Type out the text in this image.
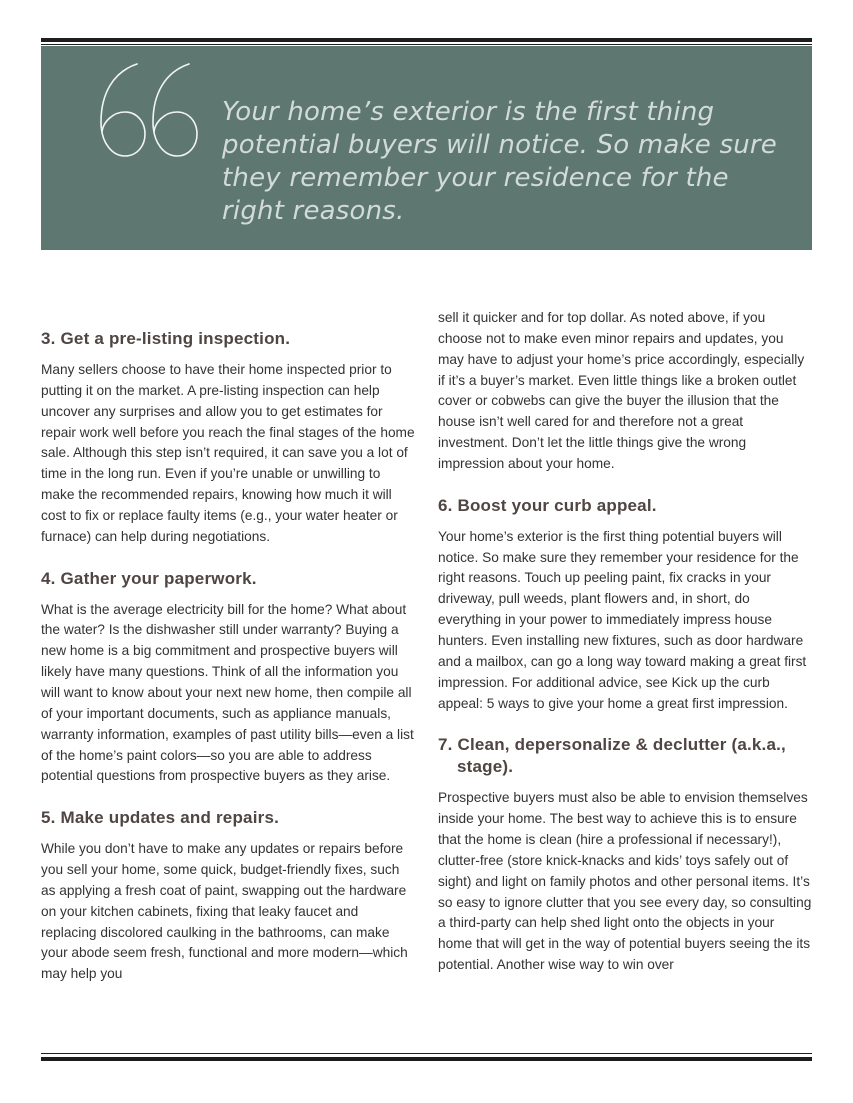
Your home’s exterior is the first thing potential buyers will notice. So make sure they remember your residence for the right reasons.
3. Get a pre-listing inspection.

Many sellers choose to have their home inspected prior to putting it on the market. A pre-listing inspection can help uncover any surprises and allow you to get estimates for repair work well before you reach the final stages of the home sale. Although this step isn’t required, it can save you a lot of time in the long run. Even if you’re unable or unwilling to make the recommended repairs, knowing how much it will cost to fix or replace faulty items (e.g., your water heater or furnace) can help during negotiations.

4. Gather your paperwork.

What is the average electricity bill for the home? What about the water? Is the dishwasher still under warranty? Buying a new home is a big commitment and prospective buyers will likely have many questions. Think of all the information you will want to know about your next new home, then compile all of your important documents, such as appliance manuals, warranty information, examples of past utility bills—even a list of the home’s paint colors—so you are able to address potential questions from prospective buyers as they arise.

5. Make updates and repairs.

While you don’t have to make any updates or repairs before you sell your home, some quick, budget-friendly fixes, such as applying a fresh coat of paint, swapping out the hardware on your kitchen cabinets, fixing that leaky faucet and replacing discolored caulking in the bathrooms, can make your abode seem fresh, functional and more modern—which may help you

sell it quicker and for top dollar. As noted above, if you choose not to make even minor repairs and updates, you may have to adjust your home’s price accordingly, especially if it’s a buyer’s market. Even little things like a broken outlet cover or cobwebs can give the buyer the illusion that the house isn’t well cared for and therefore not a great investment. Don’t let the little things give the wrong impression about your home.

6. Boost your curb appeal.

Your home’s exterior is the first thing potential buyers will notice. So make sure they remember your residence for the right reasons. Touch up peeling paint, fix cracks in your driveway, pull weeds, plant flowers and, in short, do everything in your power to immediately impress house hunters. Even installing new fixtures, such as door hardware and a mailbox, can go a long way toward making a great first impression. For additional advice, see Kick up the curb appeal: 5 ways to give your home a great first impression.

7. Clean, depersonalize & declutter (a.k.a., stage).

Prospective buyers must also be able to envision themselves inside your home. The best way to achieve this is to ensure that the home is clean (hire a professional if necessary!), clutter-free (store knick-knacks and kids’ toys safely out of sight) and light on family photos and other personal items. It’s so easy to ignore clutter that you see every day, so consulting a third-party can help shed light onto the objects in your home that will get in the way of potential buyers seeing the its potential. Another wise way to win over
